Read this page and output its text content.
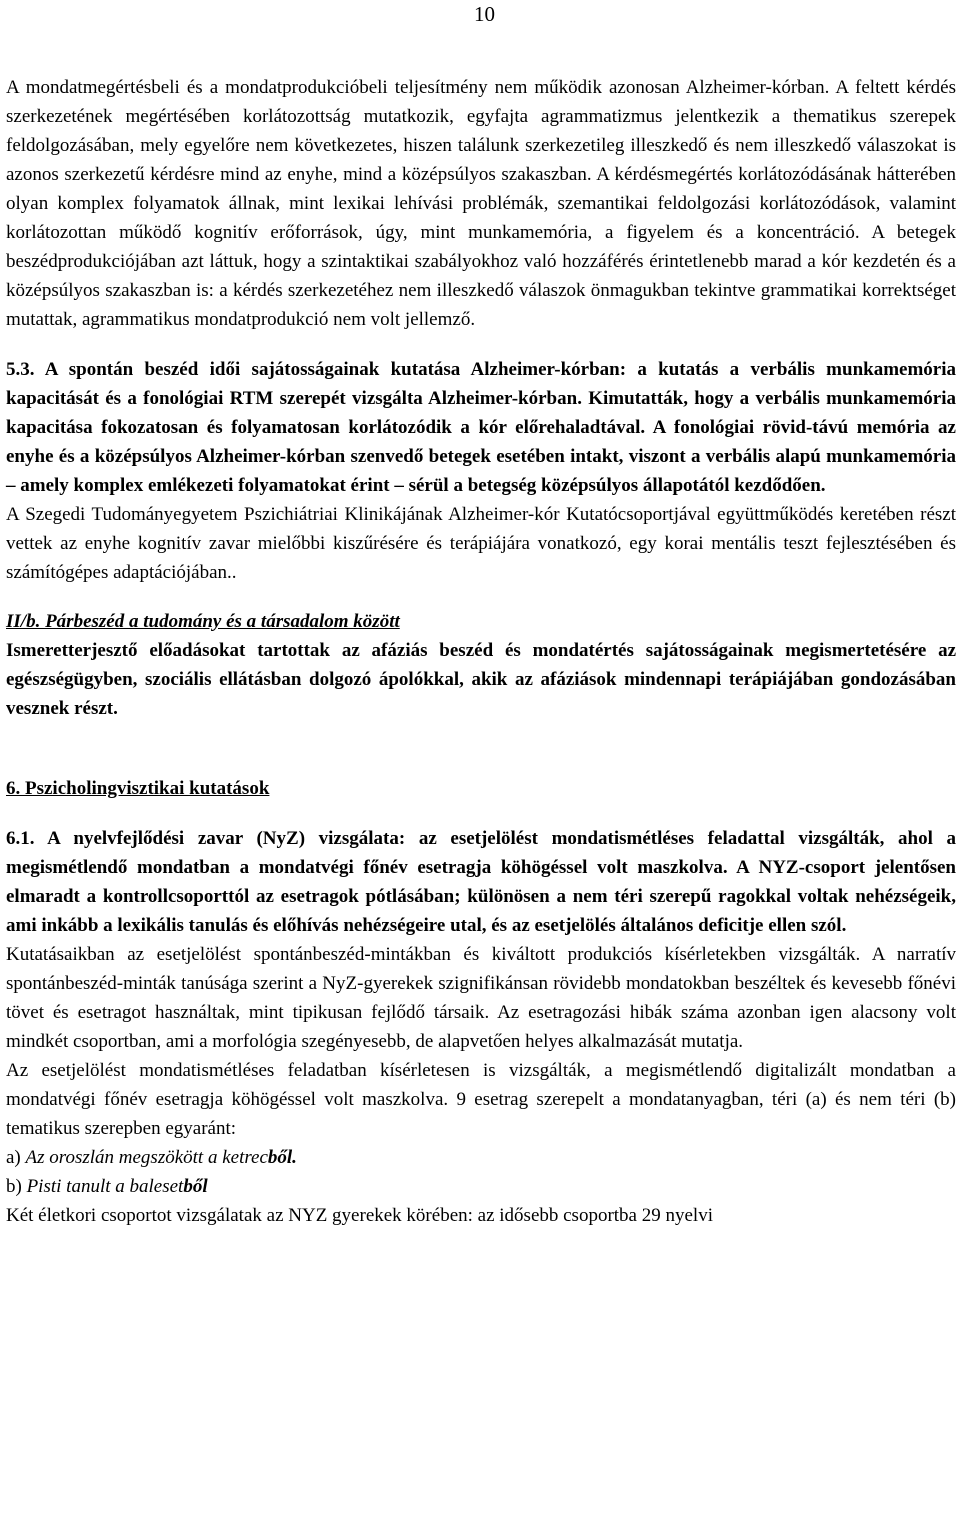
10

A mondatmegértésbeli és a mondatprodukcióbeli teljesítmény nem működik azonosan Alzheimer-kórban. A feltett kérdés szerkezetének megértésében korlátozottság mutatkozik, egyfajta agrammatizmus jelentkezik a thematikus szerepek feldolgozásában, mely egyelőre nem következetes, hiszen találunk szerkezetileg illeszkedő és nem illeszkedő válaszokat is azonos szerkezetű kérdésre mind az enyhe, mind a középsúlyos szakaszban. A kérdésmegértés korlátozódásának hátterében olyan komplex folyamatok állnak, mint lexikai lehívási problémák, szemantikai feldolgozási korlátozódások, valamint korlátozottan működő kognitív erőforrások, úgy, mint munkamemória, a figyelem és a koncentráció. A betegek beszédprodukciójában azt láttuk, hogy a szintaktikai szabályokhoz való hozzáférés érintetlenebb marad a kór kezdetén és a középsúlyos szakaszban is: a kérdés szerkezetéhez nem illeszkedő válaszok önmagukban tekintve grammatikai korrektséget mutattak, agrammatikus mondatprodukció nem volt jellemző.

5.3. A spontán beszéd idői sajátosságainak kutatása Alzheimer-kórban: a kutatás a verbális munkamemória kapacitását és a fonológiai RTM szerepét vizsgálta Alzheimer-kórban. Kimutatták, hogy a verbális munkamemória kapacitása fokozatosan és folyamatosan korlátozódik a kór előrehaladtával. A fonológiai rövid-távú memória az enyhe és a középsúlyos Alzheimer-kórban szenvedő betegek esetében intakt, viszont a verbális alapú munkamemória – amely komplex emlékezeti folyamatokat érint – sérül a betegség középsúlyos állapotától kezdődően.

A Szegedi Tudományegyetem Pszichiátriai Klinikájának Alzheimer-kór Kutatócsoportjával együttműködés keretében részt vettek az enyhe kognitív zavar mielőbbi kiszűrésére és terápiájára vonatkozó, egy korai mentális teszt fejlesztésében és számítógépes adaptációjában..

II/b. Párbeszéd a tudomány és a társadalom között

Ismeretterjesztő előadásokat tartottak az afáziás beszéd és mondatértés sajátosságainak megismertetésére az egészségügyben, szociális ellátásban dolgozó ápolókkal, akik az afáziások mindennapi terápiájában gondozásában vesznek részt.

6. Pszicholingvisztikai kutatások

6.1. A nyelvfejlődési zavar (NyZ) vizsgálata: az esetjelölést mondatismétléses feladattal vizsgálták, ahol a megismétlendő mondatban a mondatvégi főnév esetragja köhögéssel volt maszkolva. A NYZ-csoport jelentősen elmaradt a kontrollcsoporttól az esetragok pótlásában; különösen a nem téri szerepű ragokkal voltak nehézségeik, ami inkább a lexikális tanulás és előhívás nehézségeire utal, és az esetjelölés általános deficitje ellen szól.

Kutatásaikban az esetjelölést spontánbeszéd-mintákban és kiváltott produkciós kísérletekben vizsgálták. A narratív spontánbeszéd-minták tanúsága szerint a NyZ-gyerekek szignifikánsan rövidebb mondatokban beszéltek és kevesebb főnévi tövet és esetragot használtak, mint tipikusan fejlődő társaik. Az esetragozási hibák száma azonban igen alacsony volt mindkét csoportban, ami a morfológia szegényesebb, de alapvetően helyes alkalmazását mutatja.

Az esetjelölést mondatismétléses feladatban kísérletesen is vizsgálták, a megismétlendő digitalizált mondatban a mondatvégi főnév esetragja köhögéssel volt maszkolva. 9 esetrag szerepelt a mondatanyagban, téri (a) és nem téri (b) tematikus szerepben egyaránt:

a) Az oroszlán megszökött a ketrecből.

b) Pisti tanult a balesetből

Két életkori csoportot vizsgálatak az NYZ gyerekek körében: az idősebb csoportba 29 nyelvi
